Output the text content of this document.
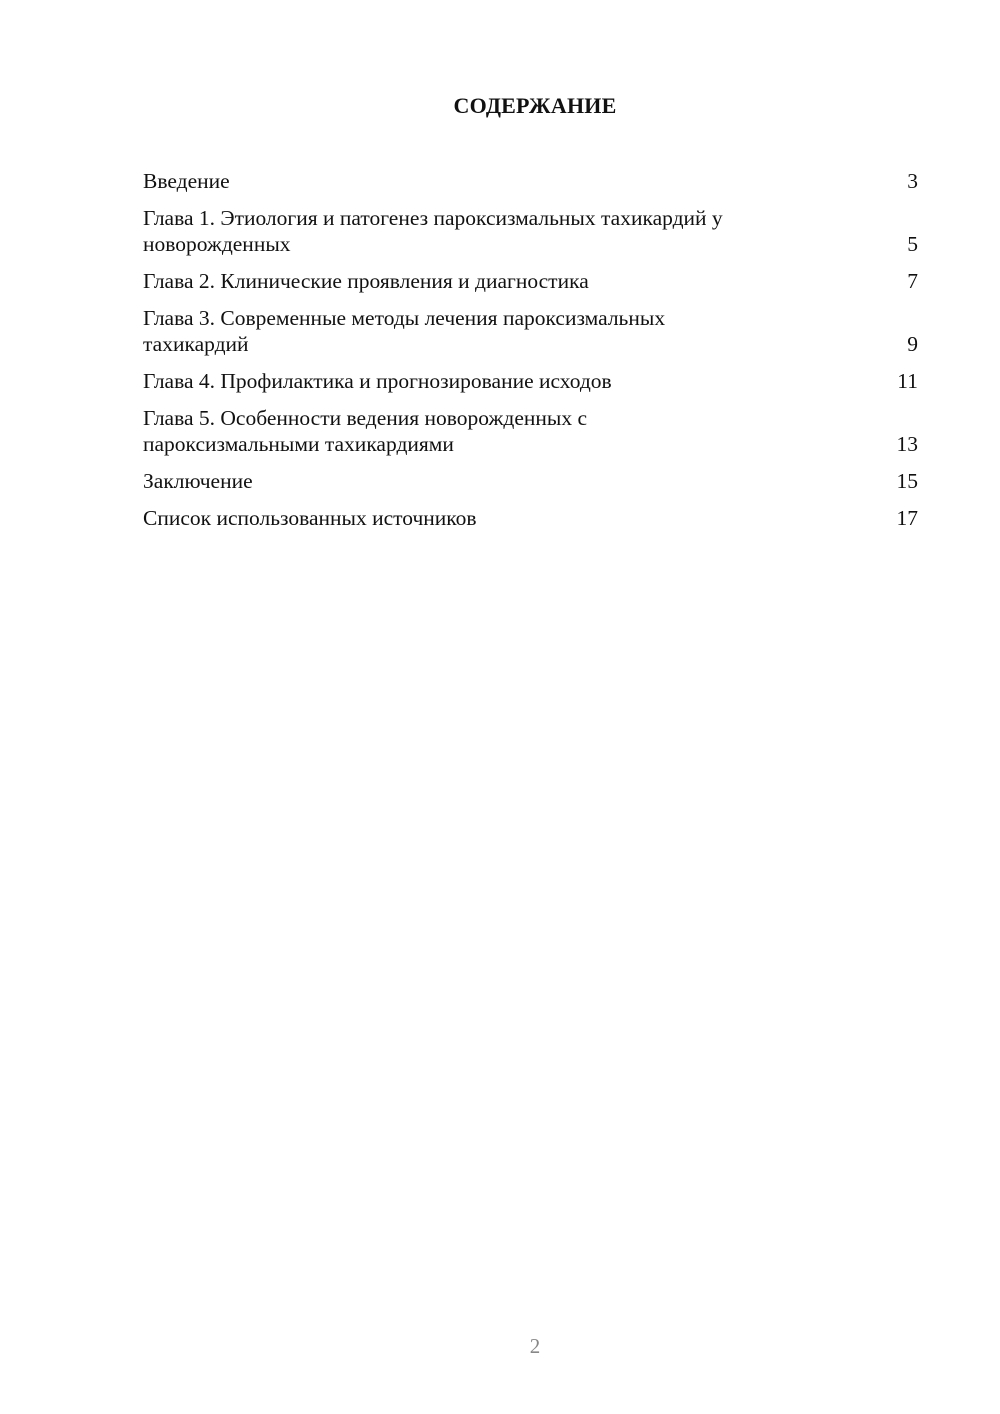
СОДЕРЖАНИЕ
Введение	3
Глава 1. Этиология и патогенез пароксизмальных тахикардий у новорожденных	5
Глава 2. Клинические проявления и диагностика	7
Глава 3. Современные методы лечения пароксизмальных тахикардий	9
Глава 4. Профилактика и прогнозирование исходов	11
Глава 5. Особенности ведения новорожденных с пароксизмальными тахикардиями	13
Заключение	15
Список использованных источников	17
2
